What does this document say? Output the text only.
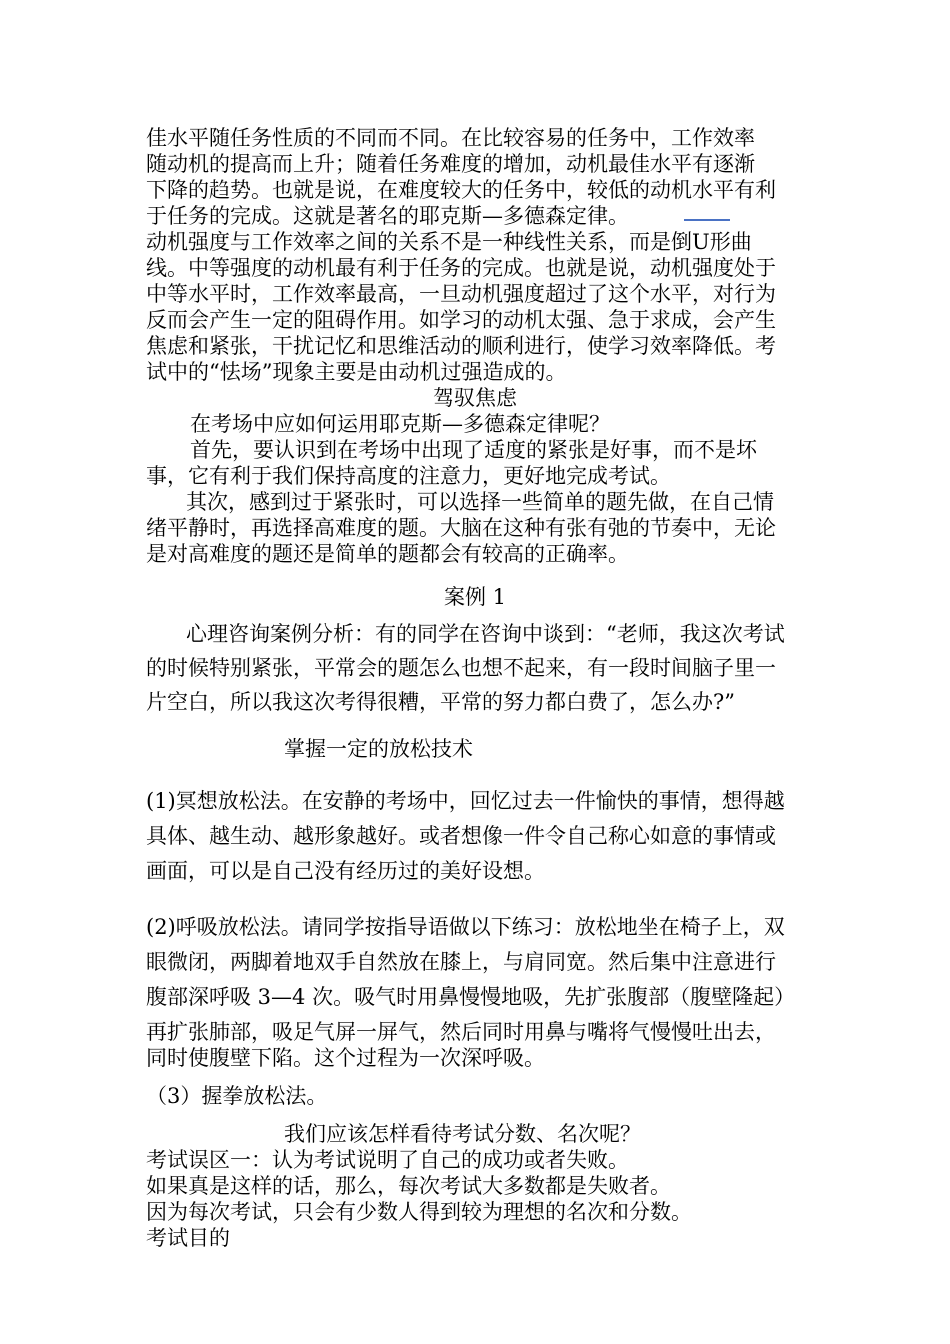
佳水平随任务性质的不同而不同。在比较容易的任务中，工作效率
随动机的提高而上升；随着任务难度的增加，动机最佳水平有逐渐
下降的趋势。也就是说，在难度较大的任务中，较低的动机水平有利
于任务的完成。这就是著名的耶克斯—多德森定律。
动机强度与工作效率之间的关系不是一种线性关系，而是倒U形曲
线。中等强度的动机最有利于任务的完成。也就是说，动机强度处于
中等水平时，工作效率最高，一旦动机强度超过了这个水平，对行为
反而会产生一定的阻碍作用。如学习的动机太强、急于求成，会产生
焦虑和紧张，干扰记忆和思维活动的顺利进行，使学习效率降低。考
试中的“怯场”现象主要是由动机过强造成的。
驾驭焦虑
在考场中应如何运用耶克斯—多德森定律呢？
首先，要认识到在考场中出现了适度的紧张是好事，而不是坏
事，它有利于我们保持高度的注意力，更好地完成考试。
其次，感到过于紧张时，可以选择一些简单的题先做，在自己情
绪平静时，再选择高难度的题。大脑在这种有张有弛的节奏中，无论
是对高难度的题还是简单的题都会有较高的正确率。
案例 1
心理咨询案例分析：有的同学在咨询中谈到：“老师，我这次考试
的时候特别紧张，平常会的题怎么也想不起来，有一段时间脑子里一
片空白，所以我这次考得很糟，平常的努力都白费了，怎么办?”
掌握一定的放松技术
(1)冥想放松法。在安静的考场中，回忆过去一件愉快的事情，想得越
具体、越生动、越形象越好。或者想像一件令自己称心如意的事情或
画面，可以是自己没有经历过的美好设想。
(2)呼吸放松法。请同学按指导语做以下练习：放松地坐在椅子上，双
眼微闭，两脚着地双手自然放在膝上，与肩同宽。然后集中注意进行
腹部深呼吸 3—4 次。吸气时用鼻慢慢地吸，先扩张腹部（腹壁隆起）
再扩张肺部，吸足气屏一屏气，然后同时用鼻与嘴将气慢慢吐出去，
同时使腹壁下陷。这个过程为一次深呼吸。
（3）握拳放松法。
我们应该怎样看待考试分数、名次呢？
考试误区一：认为考试说明了自己的成功或者失败。
如果真是这样的话，那么，每次考试大多数都是失败者。
因为每次考试，只会有少数人得到较为理想的名次和分数。
考试目的
